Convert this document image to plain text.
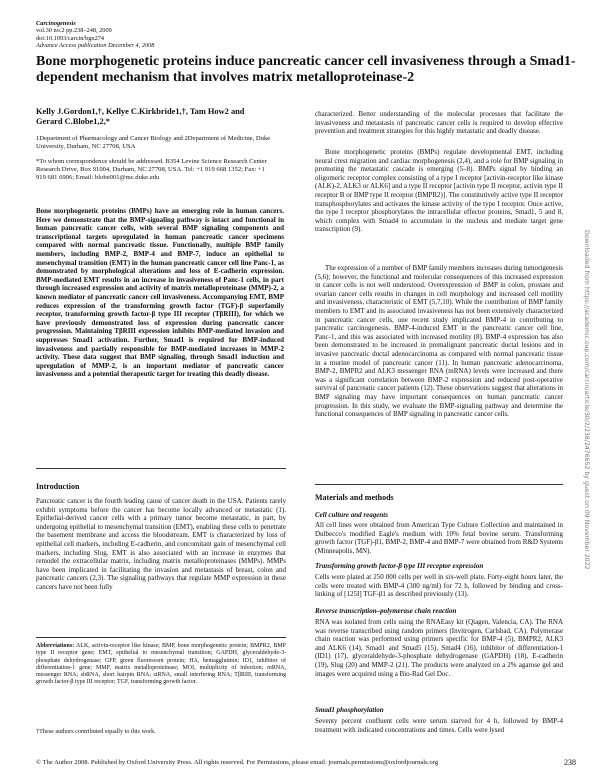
Carcinogenesis
vol.30 no.2 pp.238–248, 2009
doi:10.1093/carcin/bgn274
Advance Access publication December 4, 2008
Bone morphogenetic proteins induce pancreatic cancer cell invasiveness through a Smad1-dependent mechanism that involves matrix metalloproteinase-2
Kelly J.Gordon1,†, Kellye C.Kirkbride1,†, Tam How2 and Gerard C.Blobe1,2,*
1Department of Pharmacology and Cancer Biology and 2Department of Medicine, Duke University, Durham, NC 27708, USA
*To whom correspondence should be addressed. B354 Levine Science Research Center Research Drive, Box 91004, Durham, NC 27708, USA. Tel: +1 919 668 1352; Fax: +1 919 681 6906; Email: blobe001@mc.duke.edu

Bone morphogenetic proteins (BMPs) have an emerging role in human cancers. Here we demonstrate that the BMP-signaling pathway is intact and functional in human pancreatic cancer cells, with several BMP signaling components and transcriptional targets upregulated in human pancreatic cancer specimens compared with normal pancreatic tissue. Functionally, multiple BMP family members, including BMP-2, BMP-4 and BMP-7, induce an epithelial to mesenchymal transition (EMT) in the human pancreatic cancer cell line Panc-1, as demonstrated by morphological alterations and loss of E-cadherin expression. BMP-mediated EMT results in an increase in invasiveness of Panc-1 cells, in part through increased expression and activity of matrix metalloproteinase (MMP)-2, a known mediator of pancreatic cancer cell invasiveness. Accompanying EMT, BMP reduces expression of the transforming growth factor (TGF)-β superfamily receptor, transforming growth factor-β type III receptor (TβRIII), for which we have previously demonstrated loss of expression during pancreatic cancer progression. Maintaining TβRIII expression inhibits BMP-mediated invasion and suppresses Smad1 activation. Further, Smad1 is required for BMP-induced invasiveness and partially responsible for BMP-mediated increases in MMP-2 activity. These data suggest that BMP signaling, through Smad1 induction and upregulation of MMP-2, is an important mediator of pancreatic cancer invasiveness and a potential therapeutic target for treating this deadly disease.

Introduction

Pancreatic cancer is the fourth leading cause of cancer death in the USA. Patients rarely exhibit symptoms before the cancer has become locally advanced or metastatic (1). Epithelial-derived cancer cells with a primary tumor become metastatic, in part, by undergoing epithelial to mesenchymal transition (EMT), enabling these cells to penetrate the basement membrane and access the bloodstream. EMT is characterized by loss of epithelial cell markers, including E-cadherin, and concomitant gain of mesenchymal cell markers, including Slug. EMT is also associated with an increase in enzymes that remodel the extracellular matrix, including matrix metalloproteinases (MMPs). MMPs have been implicated in facilitating the invasion and metastasis of breast, colon and pancreatic cancers (2,3). The signaling pathways that regulate MMP expression in these cancers have not been fully

Abbreviations: ALK, activin-receptor like kinase; BMP, bone morphogenetic protein; BMPR2, BMP type II receptor gene; EMT, epithelial to mesenchymal transition; GAPDH, glyceraldehyde-3-phosphate dehydrogenase; GFP, green fluorescent protein; HA, hemagglutinin; ID1, inhibitor of differentiation-1 gene; MMP, matrix metalloproteinase; MOI, multiplicity of infection; mRNA, messenger RNA; shRNA, short hairpin RNA; siRNA, small interfering RNA; TβRIII, transforming growth factor-β type III receptor; TGF, transforming growth factor.

†These authors contributed equally to this work.

characterized. Better understanding of the molecular processes that facilitate the invasiveness and metastasis of pancreatic cancer cells is required to develop effective prevention and treatment strategies for this highly metastatic and deadly disease.

Bone morphogenetic proteins (BMPs) regulate developmental EMT, including neural crest migration and cardiac morphogenesis (2,4), and a role for BMP signaling in promoting the metastatic cascade is emerging (5–8). BMPs signal by binding an oligomeric receptor complex consisting of a type I receptor [activin-receptor like kinase (ALK)-2, ALK3 or ALK6] and a type II receptor [activin type II receptor, activin type II receptor B or BMP type II receptor (BMPR2)]. The constitutively active type II receptor transphosphorylates and activates the kinase activity of the type I receptor. Once active, the type I receptor phosphorylates the intracellular effector proteins, Smad1, 5 and 8, which complex with Smad4 to accumulate in the nucleus and mediate target gene transcription (9).

The expression of a number of BMP family members increases during tumorigenesis (5,6); however, the functional and molecular consequences of this increased expression in cancer cells is not well understood. Overexpression of BMP in colon, prostate and ovarian cancer cells results in changes in cell morphology and increased cell motility and invasiveness, characteristic of EMT (5,7,10). While the contribution of BMP family members to EMT and its associated invasiveness has not been extensively characterized in pancreatic cancer cells, one recent study implicated BMP-4 in contributing to pancreatic carcinogenesis. BMP-4-induced EMT in the pancreatic cancer cell line, Panc-1, and this was associated with increased motility (8). BMP-4 expression has also been demonstrated to be increased in premalignant pancreatic ductal lesions and in invasive pancreatic ductal adenocarcinoma as compared with normal pancreatic tissue in a murine model of pancreatic cancer (11). In human pancreatic adenocarcinoma, BMP-2, BMPR2 and ALK3 messenger RNA (mRNA) levels were increased and there was a significant correlation between BMP-2 expression and reduced post-operative survival of pancreatic cancer patients (12). These observations suggest that alterations in BMP signaling may have important consequences on human pancreatic cancer progression. In this study, we evaluate the BMP-signaling pathway and determine the functional consequences of BMP signaling in pancreatic cancer cells.

Materials and methods
Cell culture and reagents

All cell lines were obtained from American Type Culture Collection and maintained in Dulbecco's modified Eagle's medium with 10% fetal bovine serum. Transforming growth factor (TGF)-β1, BMP-2, BMP-4 and BMP-7 were obtained from R&D Systems (Minneapolis, MN).

Transforming growth factor-β type III receptor expression

Cells were plated at 250 000 cells per well in six-well plate. Forty-eight hours later, the cells were treated with BMP-4 (300 ng/ml) for 72 h, followed by binding and cross-linking of [125I] TGF-β1 as described previously (13).

Reverse transcription–polymerase chain reaction

RNA was isolated from cells using the RNAEasy kit (Qiagen, Valencia, CA). The RNA was reverse transcribed using random primers (Invitrogen, Carlsbad, CA). Polymerase chain reaction was performed using primers specific for BMP-4 (5), BMPR2, ALK3 and ALK6 (14), Smad1 and Smad5 (15), Smad4 (16), inhibitor of differentiation-1 (ID1) (17), glyceraldehyde-3-phosphate dehydrogenase (GAPDH) (18), E-cadherin (19), Slug (20) and MMP-2 (21). The products were analyzed on a 2% agarose gel and images were acquired using a Bio-Rad Gel Doc.

Smad1 phosphorylation

Seventy percent confluent cells were serum starved for 4 h, followed by BMP-4 treatment with indicated concentrations and times. Cells were lysed

© The Author 2008. Published by Oxford University Press. All rights reserved. For Permissions, please email: journals.permissions@oxfordjournals.org	238
Downloaded from https://academic.oup.com/carcin/article/30/2/238/2476652 by guest on 09 November 2022
